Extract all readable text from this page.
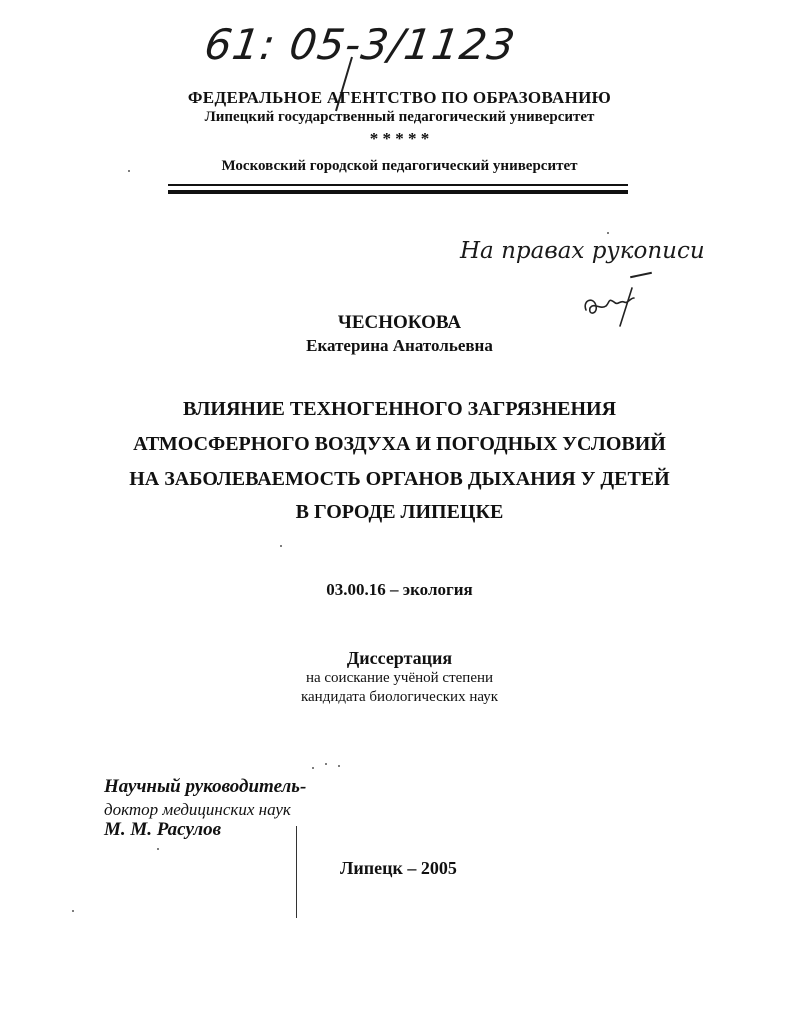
61: 05-3/1123
ФЕДЕРАЛЬНОЕ АГЕНТСТВО ПО ОБРАЗОВАНИЮ
Липецкий государственный педагогический университет
* * * * *
Московский городской педагогический университет
На правах рукописи
ЧЕСНОКОВА
Екатерина Анатольевна
ВЛИЯНИЕ ТЕХНОГЕННОГО ЗАГРЯЗНЕНИЯ
АТМОСФЕРНОГО ВОЗДУХА И ПОГОДНЫХ УСЛОВИЙ
НА ЗАБОЛЕВАЕМОСТЬ ОРГАНОВ ДЫХАНИЯ У ДЕТЕЙ
В ГОРОДЕ ЛИПЕЦКЕ
03.00.16 – экология
Диссертация
на соискание учёной степени
кандидата биологических наук
Научный руководитель-
доктор медицинских наук
М. М. Расулов
Липецк – 2005
